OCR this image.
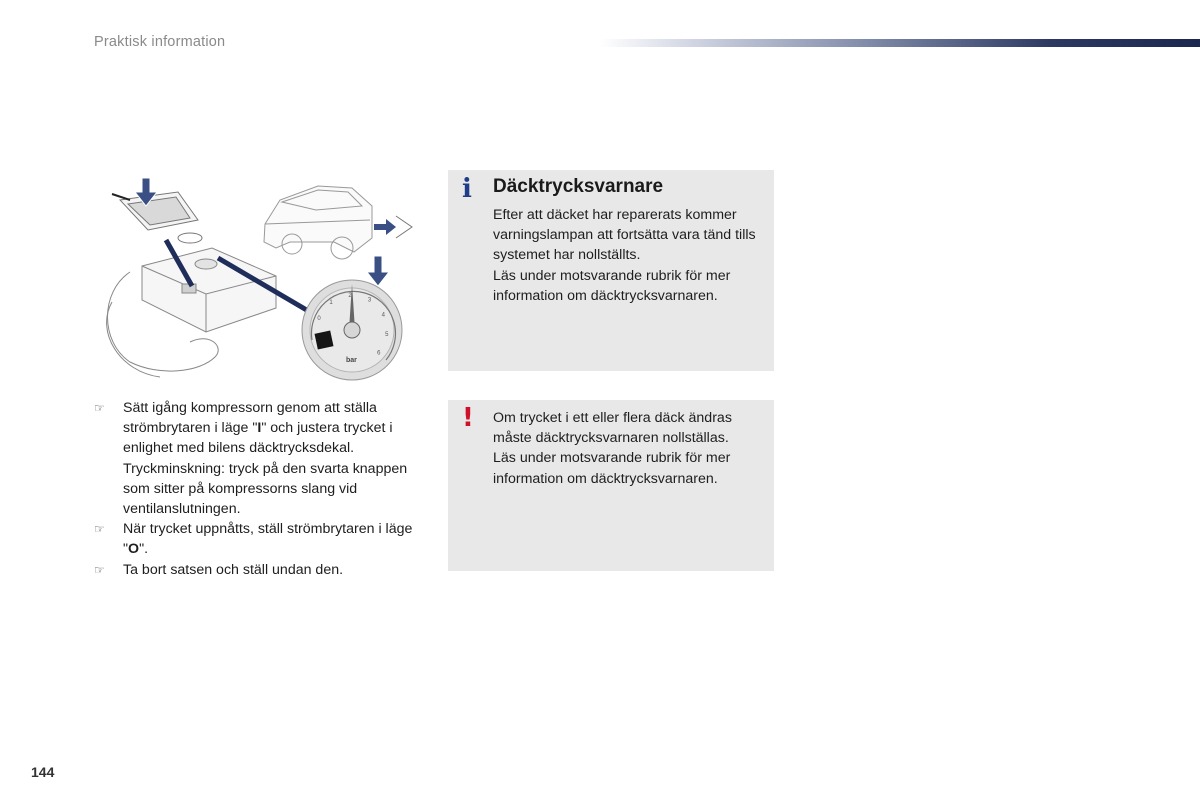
Praktisk information
0
1
2
3
4
5
6
bar
☞ Sätt igång kompressorn genom att ställa strömbrytaren i läge "I" och justera trycket i enlighet med bilens däcktrycksdekal. Tryckminskning: tryck på den svarta knappen som sitter på kompressorns slang vid ventilanslutningen.
☞ När trycket uppnåtts, ställ strömbrytaren i läge "O".
☞ Ta bort satsen och ställ undan den.
i Däcktrycksvarnare

Efter att däcket har reparerats kommer varningslampan att fortsätta vara tänd tills systemet har nollställts.

Läs under motsvarande rubrik för mer information om däcktrycksvarnaren.

! Om trycket i ett eller flera däck ändras måste däcktrycksvarnaren nollställas.

Läs under motsvarande rubrik för mer information om däcktrycksvarnaren.

144
